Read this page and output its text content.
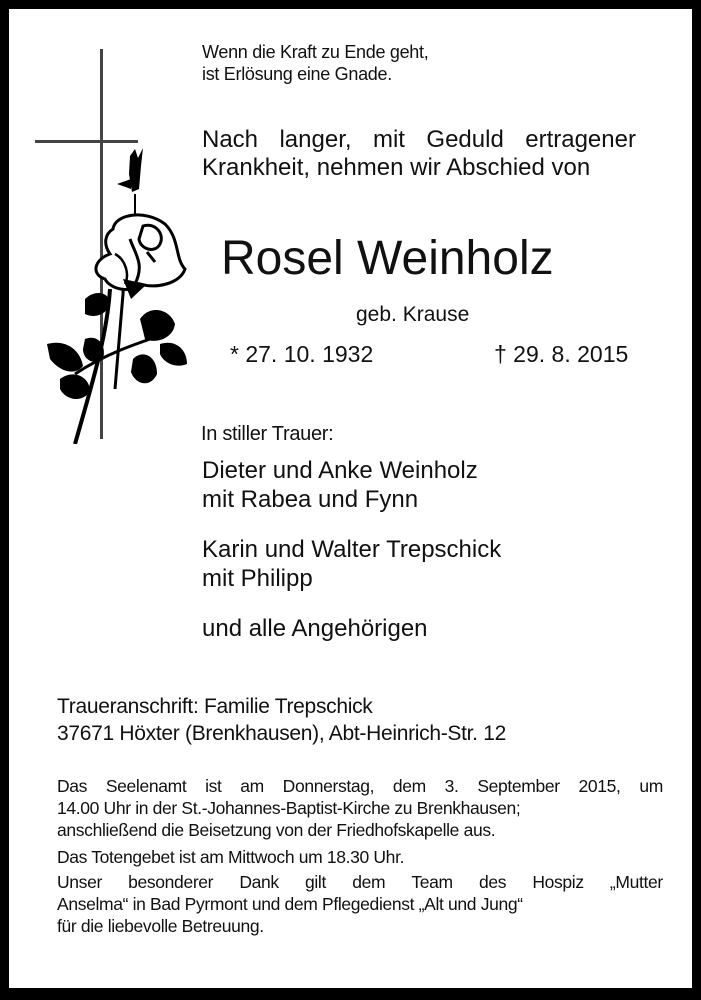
Wenn die Kraft zu Ende geht,
ist Erlösung eine Gnade.
Nach langer, mit Geduld ertragener
Krankheit, nehmen wir Abschied von
Rosel Weinholz
geb. Krause
* 27. 10. 1932	† 29. 8. 2015
In stiller Trauer:
Dieter und Anke Weinholz
mit Rabea und Fynn
Karin und Walter Trepschick
mit Philipp
und alle Angehörigen
Traueranschrift: Familie Trepschick
37671 Höxter (Brenkhausen), Abt-Heinrich-Str. 12
Das Seelenamt ist am Donnerstag, dem 3. September 2015, um
14.00 Uhr in der St.-Johannes-Baptist-Kirche zu Brenkhausen;
anschließend die Beisetzung von der Friedhofskapelle aus.
Das Totengebet ist am Mittwoch um 18.30 Uhr.
Unser besonderer Dank gilt dem Team des Hospiz „Mutter
Anselma“ in Bad Pyrmont und dem Pflegedienst „Alt und Jung“
für die liebevolle Betreuung.
